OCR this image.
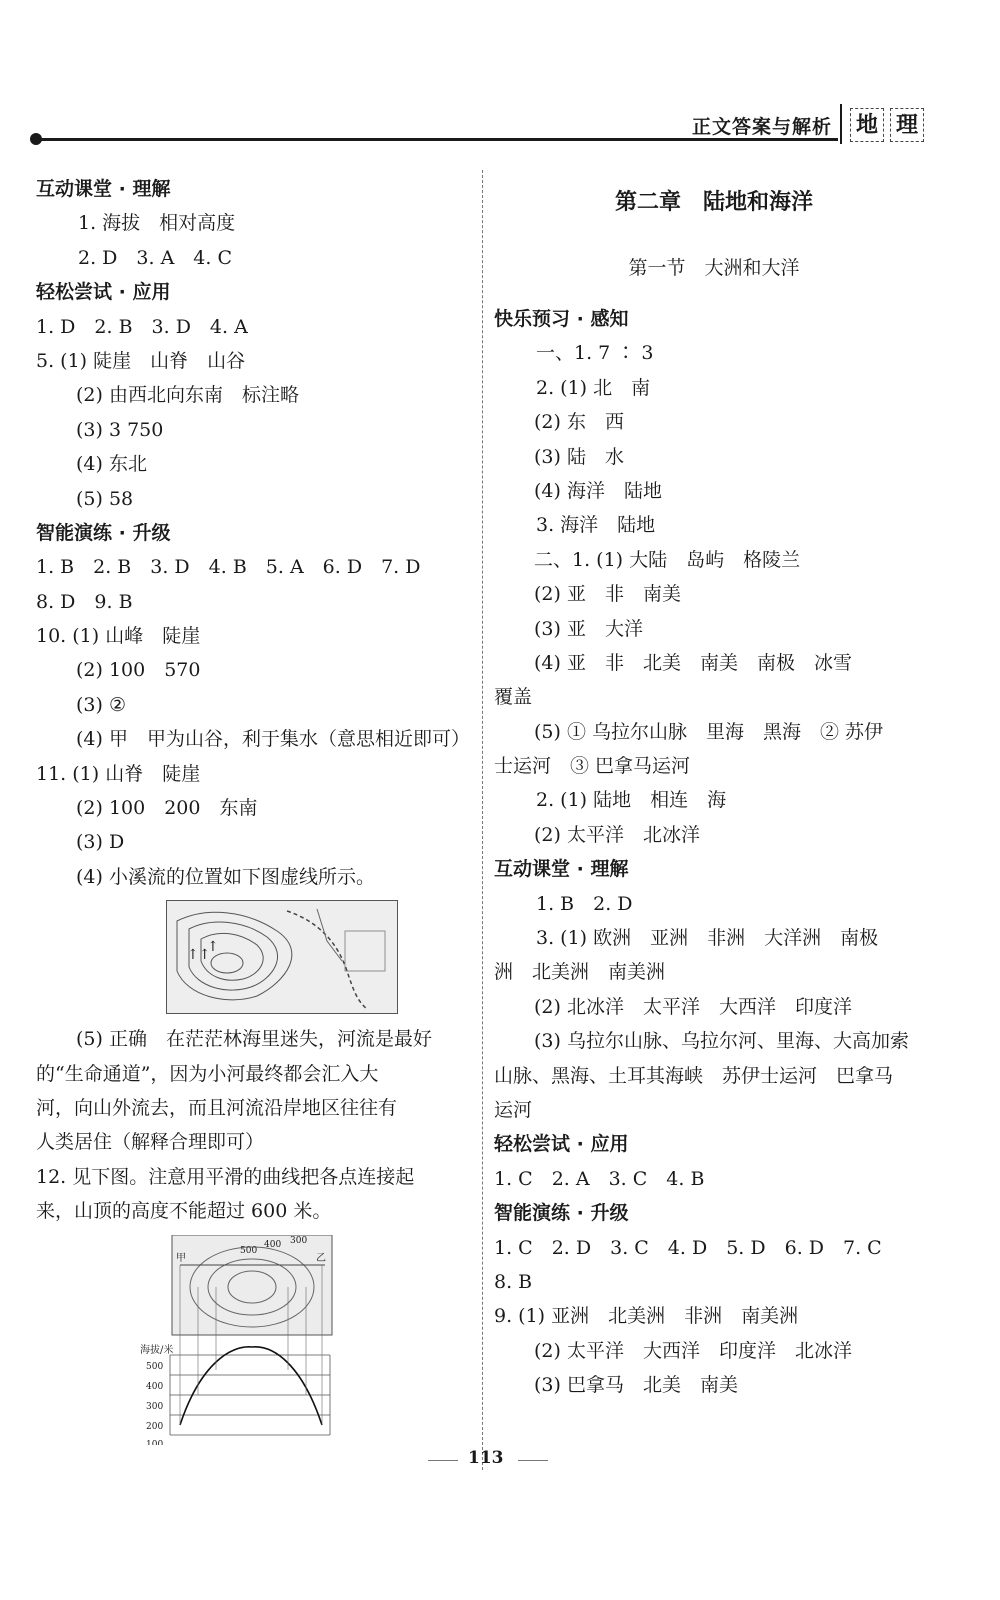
正文答案与解析 地 理
互动课堂 · 理解
1. 海拔　相对高度
2. D　3. A　4. C
轻松尝试 · 应用
1. D　2. B　3. D　4. A
5. (1) 陡崖　山脊　山谷
(2) 由西北向东南　标注略
(3) 3 750
(4) 东北
(5) 58
智能演练 · 升级
1. B　2. B　3. D　4. B　5. A　6. D　7. D
8. D　9. B
10. (1) 山峰　陡崖
(2) 100　570
(3) ②
(4) 甲　甲为山谷，利于集水（意思相近即可）
11. (1) 山脊　陡崖
(2) 100　200　东南
(3) D
(4) 小溪流的位置如下图虚线所示。
↑↑
↑
(5) 正确　在茫茫林海里迷失，河流是最好
的“生命通道”，因为小河最终都会汇入大
河，向山外流去，而且河流沿岸地区往往有
人类居住（解释合理即可）
12. 见下图。注意用平滑的曲线把各点连接起
来，山顶的高度不能超过 600 米。
甲	乙
500
400 300
海拔/米
500
400
300
200
100
第二章　陆地和海洋
第一节　大洲和大洋
快乐预习 · 感知
一、1. 7 ∶ 3
2. (1) 北　南
(2) 东　西
(3) 陆　水
(4) 海洋　陆地
3. 海洋　陆地
二、1. (1) 大陆　岛屿　格陵兰
(2) 亚　非　南美
(3) 亚　大洋
(4) 亚　非　北美　南美　南极　冰雪
覆盖
(5) ① 乌拉尔山脉　里海　黑海　② 苏伊
士运河　③ 巴拿马运河
2. (1) 陆地　相连　海
(2) 太平洋　北冰洋
互动课堂 · 理解
1. B　2. D
3. (1) 欧洲　亚洲　非洲　大洋洲　南极
洲　北美洲　南美洲
(2) 北冰洋　太平洋　大西洋　印度洋
(3) 乌拉尔山脉、乌拉尔河、里海、大高加索
山脉、黑海、土耳其海峡　苏伊士运河　巴拿马
运河
轻松尝试 · 应用
1. C　2. A　3. C　4. B
智能演练 · 升级
1. C　2. D　3. C　4. D　5. D　6. D　7. C
8. B
9. (1) 亚洲　北美洲　非洲　南美洲
(2) 太平洋　大西洋　印度洋　北冰洋
(3) 巴拿马　北美　南美
113
